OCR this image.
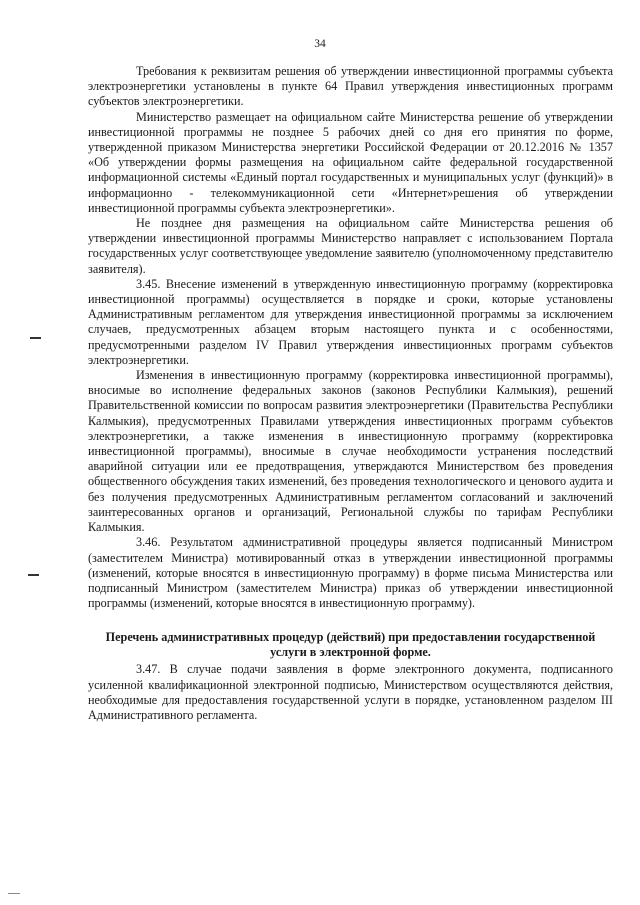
34

Требования к реквизитам решения об утверждении инвестиционной программы субъекта электроэнергетики установлены в пункте 64 Правил утверждения инвестиционных программ субъектов электроэнергетики.

Министерство размещает на официальном сайте Министерства решение об утверждении инвестиционной программы не позднее 5 рабочих дней со дня его принятия по форме, утвержденной приказом Министерства энергетики Российской Федерации от 20.12.2016 № 1357 «Об утверждении формы размещения на официальном сайте федеральной государственной информационной системы «Единый портал государственных и муниципальных услуг (функций)» в информационно - телекоммуникационной сети «Интернет»решения об утверждении инвестиционной программы субъекта электроэнергетики».

Не позднее дня размещения на официальном сайте Министерства решения об утверждении инвестиционной программы Министерство направляет с использованием Портала государственных услуг соответствующее уведомление заявителю (уполномоченному представителю заявителя).

3.45. Внесение изменений в утвержденную инвестиционную программу (корректировка инвестиционной программы) осуществляется в порядке и сроки, которые установлены Административным регламентом для утверждения инвестиционной программы за исключением случаев, предусмотренных абзацем вторым настоящего пункта и с особенностями, предусмотренными разделом IV Правил утверждения инвестиционных программ субъектов электроэнергетики.

Изменения в инвестиционную программу (корректировка инвестиционной программы), вносимые во исполнение федеральных законов (законов Республики Калмыкия), решений Правительственной комиссии по вопросам развития электроэнергетики (Правительства Республики Калмыкия), предусмотренных Правилами утверждения инвестиционных программ субъектов электроэнергетики, а также изменения в инвестиционную программу (корректировка инвестиционной программы), вносимые в случае необходимости устранения последствий аварийной ситуации или ее предотвращения, утверждаются Министерством без проведения общественного обсуждения таких изменений, без проведения технологического и ценового аудита и без получения предусмотренных Административным регламентом согласований и заключений заинтересованных органов и организаций, Региональной службы по тарифам Республики Калмыкия.

3.46. Результатом административной процедуры является подписанный Министром (заместителем Министра) мотивированный отказ в утверждении инвестиционной программы (изменений, которые вносятся в инвестиционную программу) в форме письма Министерства или подписанный Министром (заместителем Министра) приказ об утверждении инвестиционной программы (изменений, которые вносятся в инвестиционную программу).

Перечень административных процедур (действий) при предоставлении государственной услуги в электронной форме.

3.47. В случае подачи заявления в форме электронного документа, подписанного усиленной квалификационной электронной подписью, Министерством осуществляются действия, необходимые для предоставления государственной услуги в порядке, установленном разделом III Административного регламента.
